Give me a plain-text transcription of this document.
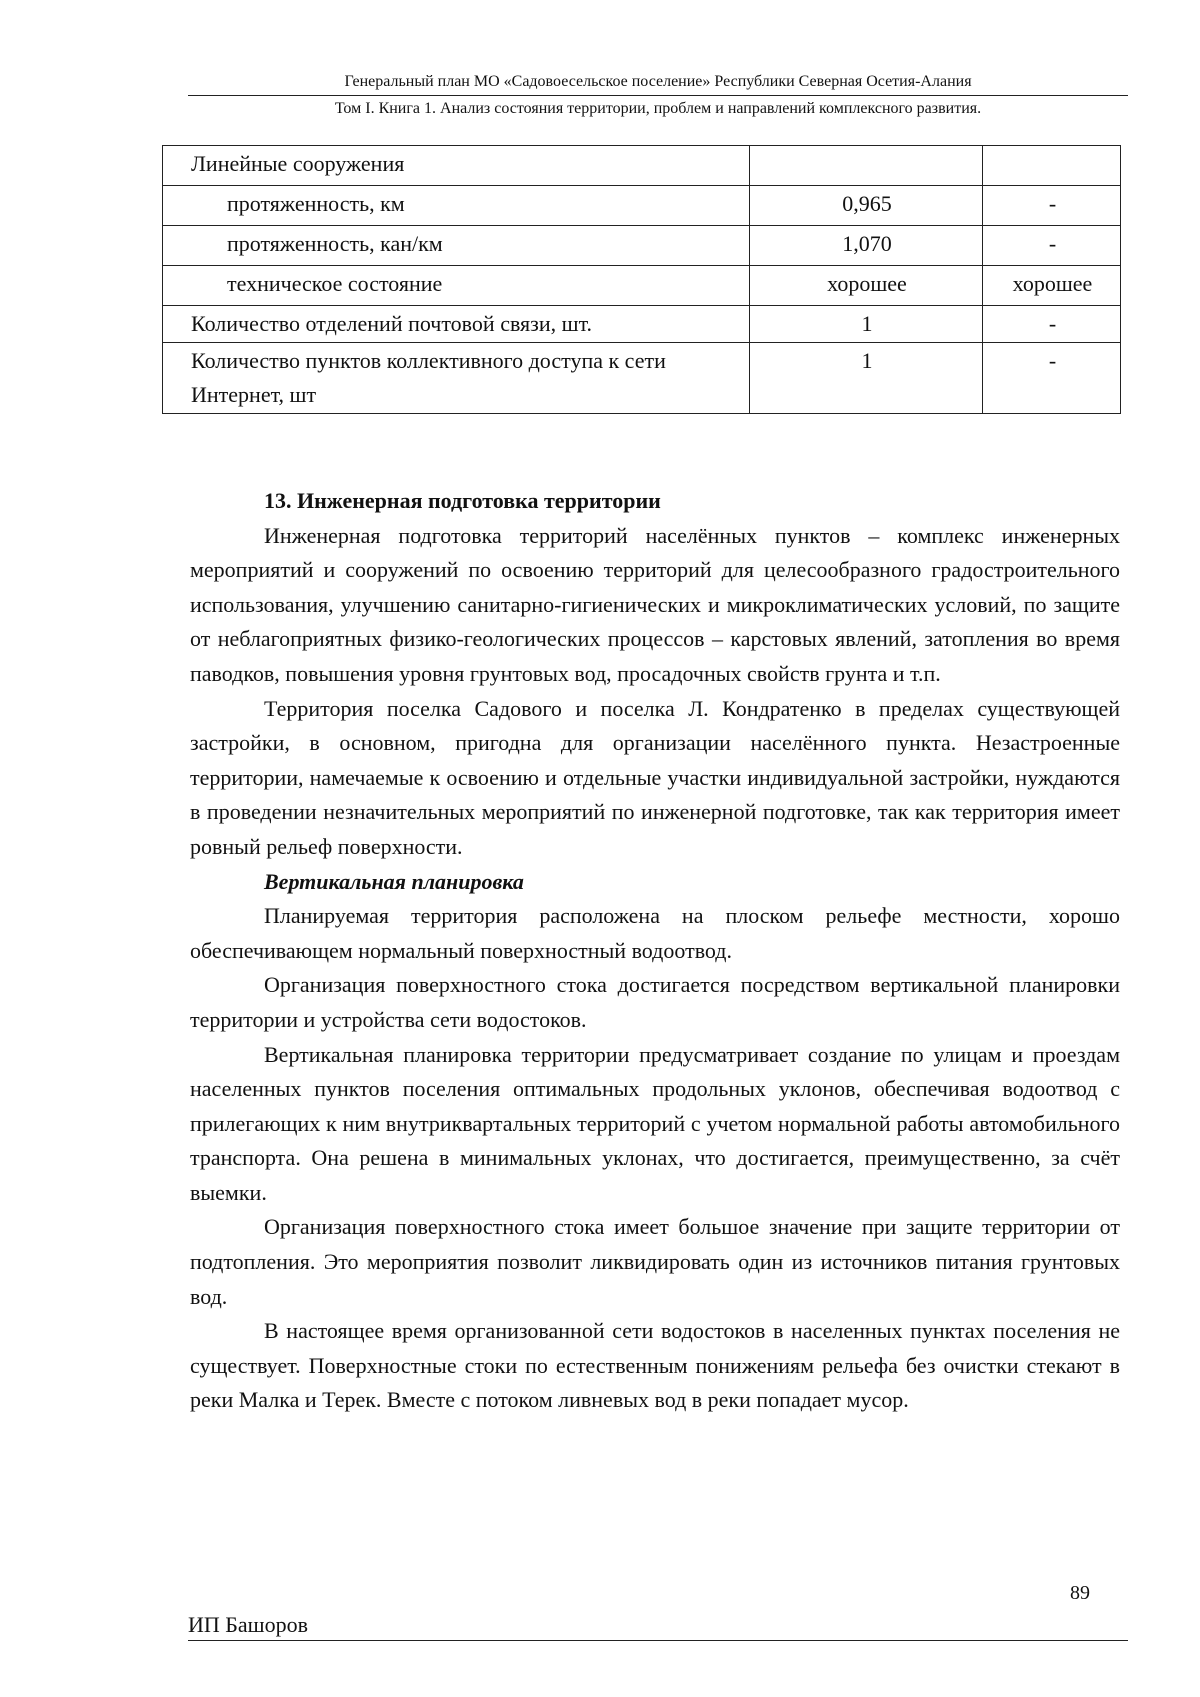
Генеральный план МО «Садовоесельское поселение» Республики Северная Осетия-Алания
Том I. Книга 1. Анализ состояния территории, проблем и направлений комплексного развития.
Линейные сооружения		
протяженность, км	0,965	-
протяженность, кан/км	1,070	-
техническое состояние	хорошее	хорошее
Количество отделений почтовой связи, шт.	1	-
Количество пунктов коллективного доступа к сети Интернет, шт	1	-
13. Инженерная подготовка территории

Инженерная подготовка территорий населённых пунктов – комплекс инженерных мероприятий и сооружений по освоению территорий для целесообразного градостроительного использования, улучшению санитарно-гигиенических и микроклиматических условий, по защите от неблагоприятных физико-геологических процессов – карстовых явлений, затопления во время паводков, повышения уровня грунтовых вод, просадочных свойств грунта и т.п.

Территория поселка Садового и поселка Л. Кондратенко в пределах существующей застройки, в основном, пригодна для организации населённого пункта. Незастроенные территории, намечаемые к освоению и отдельные участки индивидуальной застройки, нуждаются в проведении незначительных мероприятий по инженерной подготовке, так как территория имеет ровный рельеф поверхности.

Вертикальная планировка

Планируемая территория расположена на плоском рельефе местности, хорошо обеспечивающем нормальный поверхностный водоотвод.

Организация поверхностного стока достигается посредством вертикальной планировки территории и устройства сети водостоков.

Вертикальная планировка территории предусматривает создание по улицам и проездам населенных пунктов поселения оптимальных продольных уклонов, обеспечивая водоотвод с прилегающих к ним внутриквартальных территорий с учетом нормальной работы автомобильного транспорта. Она решена в минимальных уклонах, что достигается, преимущественно, за счёт выемки.

Организация поверхностного стока имеет большое значение при защите территории от подтопления. Это мероприятия позволит ликвидировать один из источников питания грунтовых вод.

В настоящее время организованной сети водостоков в населенных пунктах поселения не существует. Поверхностные стоки по естественным понижениям рельефа без очистки стекают в реки Малка и Терек. Вместе с потоком ливневых вод в реки попадает мусор.

89
ИП Башоров
